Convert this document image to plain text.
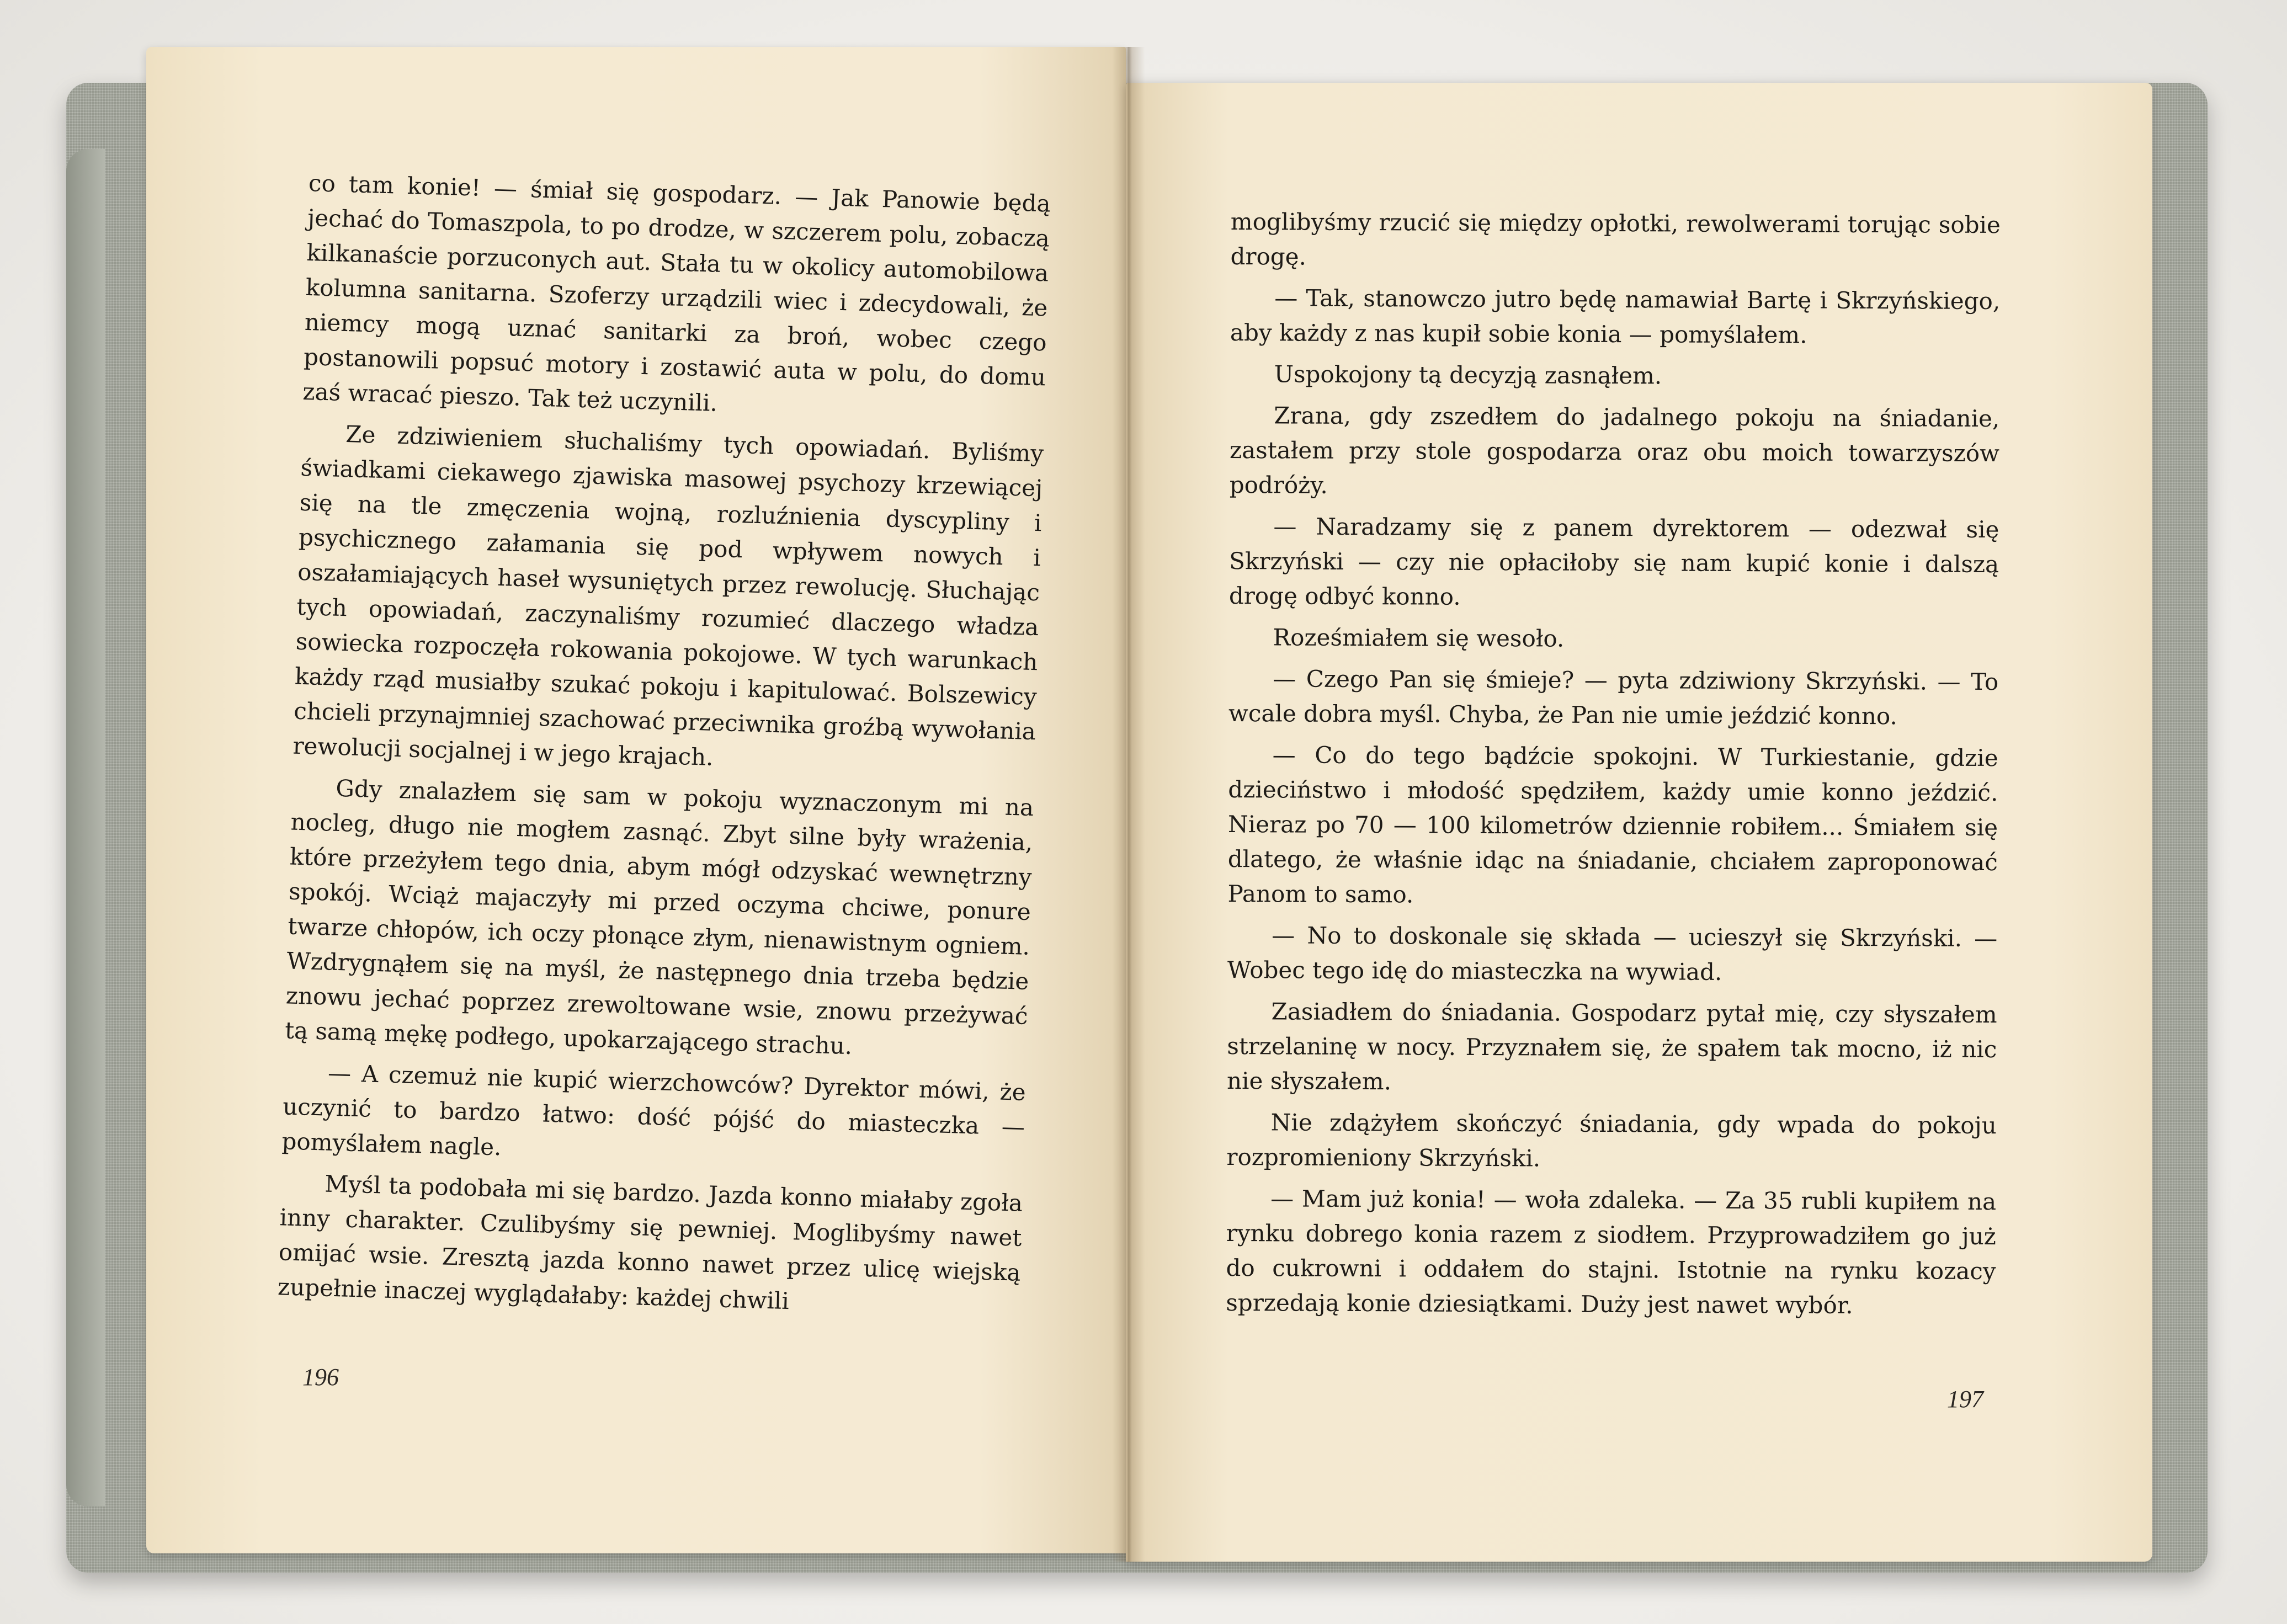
co tam konie! — śmiał się gospodarz. — Jak Panowie będą jechać do Tomaszpola, to po drodze, w szczerem polu, zobaczą kilkanaście porzuconych aut. Stała tu w okolicy automobilowa kolumna sanitarna. Szoferzy urządzili wiec i zdecydowali, że niemcy mogą uznać sanitarki za broń, wobec czego postanowili popsuć motory i zostawić auta w polu, do domu zaś wracać pieszo. Tak też uczynili.

Ze zdziwieniem słuchaliśmy tych opowiadań. Byliśmy świadkami ciekawego zjawiska masowej psychozy krzewiącej się na tle zmęczenia wojną, rozluźnienia dyscypliny i psychicznego załamania się pod wpływem nowych i oszałamiających haseł wysuniętych przez rewolucję. Słuchając tych opowiadań, zaczynaliśmy rozumieć dlaczego władza sowiecka rozpoczęła rokowania pokojowe. W tych warunkach każdy rząd musiałby szukać pokoju i kapitulować. Bolszewicy chcieli przynajmniej szachować przeciwnika groźbą wywołania rewolucji socjalnej i w jego krajach.

Gdy znalazłem się sam w pokoju wyznaczonym mi na nocleg, długo nie mogłem zasnąć. Zbyt silne były wrażenia, które przeżyłem tego dnia, abym mógł odzyskać wewnętrzny spokój. Wciąż majaczyły mi przed oczyma chciwe, ponure twarze chłopów, ich oczy płonące złym, nienawistnym ogniem. Wzdrygnąłem się na myśl, że następnego dnia trzeba będzie znowu jechać poprzez zrewoltowane wsie, znowu przeżywać tą samą mękę podłego, upokarzającego strachu.

— A czemuż nie kupić wierzchowców? Dyrektor mówi, że uczynić to bardzo łatwo: dość pójść do miasteczka — pomyślałem nagle.

Myśl ta podobała mi się bardzo. Jazda konno miałaby zgoła inny charakter. Czulibyśmy się pewniej. Moglibyśmy nawet omijać wsie. Zresztą jazda konno nawet przez ulicę wiejską zupełnie inaczej wyglądałaby: każdej chwili

196

moglibyśmy rzucić się między opłotki, rewolwerami torując sobie drogę.

— Tak, stanowczo jutro będę namawiał Bartę i Skrzyńskiego, aby każdy z nas kupił sobie konia — pomyślałem.

Uspokojony tą decyzją zasnąłem.

Zrana, gdy zszedłem do jadalnego pokoju na śniadanie, zastałem przy stole gospodarza oraz obu moich towarzyszów podróży.

— Naradzamy się z panem dyrektorem — odezwał się Skrzyński — czy nie opłaciłoby się nam kupić konie i dalszą drogę odbyć konno.

Roześmiałem się wesoło.

— Czego Pan się śmieje? — pyta zdziwiony Skrzyński. — To wcale dobra myśl. Chyba, że Pan nie umie jeździć konno.

— Co do tego bądźcie spokojni. W Turkiestanie, gdzie dzieciństwo i młodość spędziłem, każdy umie konno jeździć. Nieraz po 70 — 100 kilometrów dziennie robiłem... Śmiałem się dlatego, że właśnie idąc na śniadanie, chciałem zaproponować Panom to samo.

— No to doskonale się składa — ucieszył się Skrzyński. — Wobec tego idę do miasteczka na wywiad.

Zasiadłem do śniadania. Gospodarz pytał mię, czy słyszałem strzelaninę w nocy. Przyznałem się, że spałem tak mocno, iż nic nie słyszałem.

Nie zdążyłem skończyć śniadania, gdy wpada do pokoju rozpromieniony Skrzyński.

— Mam już konia! — woła zdaleka. — Za 35 rubli kupiłem na rynku dobrego konia razem z siodłem. Przyprowadziłem go już do cukrowni i oddałem do stajni. Istotnie na rynku kozacy sprzedają konie dziesiątkami. Duży jest nawet wybór.

197
